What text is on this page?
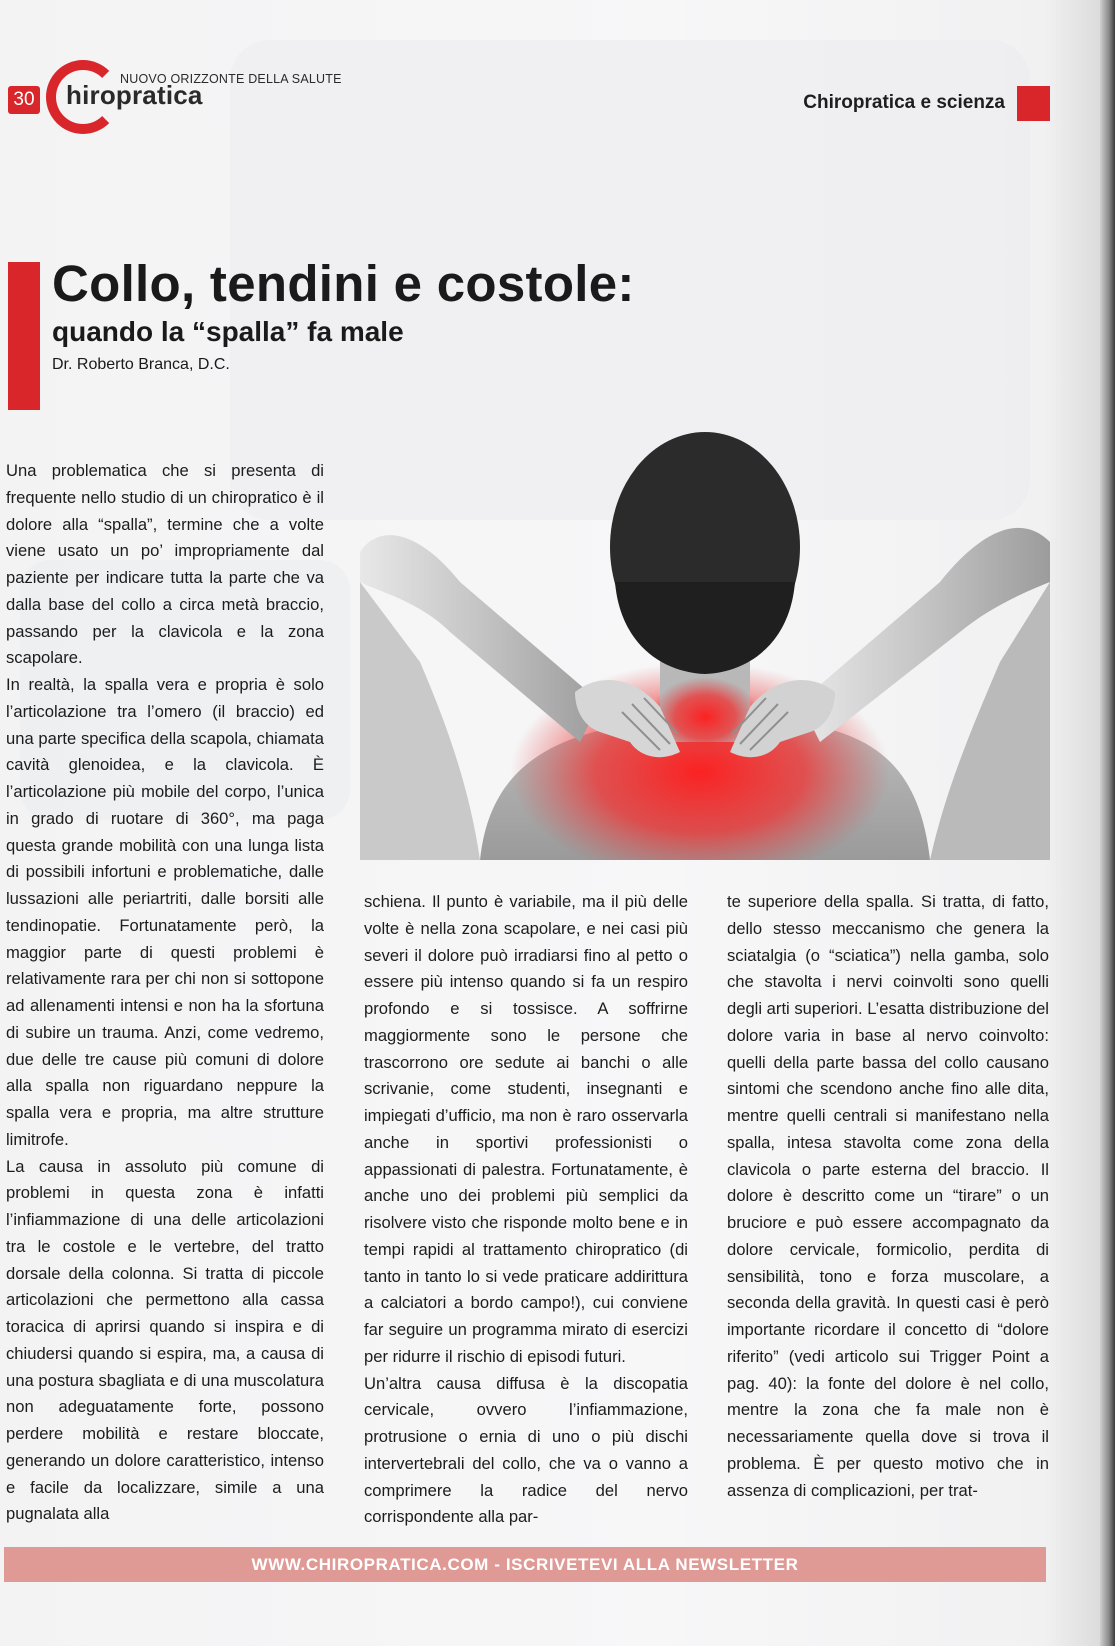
30
NUOVO ORIZZONTE DELLA SALUTE
hiropratica	Chiropratica e scienza
Collo, tendini e costole:
quando la “spalla” fa male
Dr. Roberto Branca, D.C.

Una problematica che si presenta di frequente nello studio di un chiropratico è il dolore alla “spalla”, termine che a volte viene usato un po’ impropriamente dal paziente per indicare tutta la parte che va dalla base del collo a circa metà braccio, passando per la clavicola e la zona scapolare.

In realtà, la spalla vera e propria è solo l’articolazione tra l’omero (il braccio) ed una parte specifica della scapola, chiamata cavità glenoidea, e la clavicola. È l’articolazione più mobile del corpo, l’unica in grado di ruotare di 360°, ma paga questa grande mobilità con una lunga lista di possibili infortuni e problematiche, dalle lussazioni alle periartriti, dalle borsiti alle tendinopatie. Fortunatamente però, la maggior parte di questi problemi è relativamente rara per chi non si sottopone ad allenamenti intensi e non ha la sfortuna di subire un trauma. Anzi, come vedremo, due delle tre cause più comuni di dolore alla spalla non riguardano neppure la spalla vera e propria, ma altre strutture limitrofe.

La causa in assoluto più comune di problemi in questa zona è infatti l’infiammazione di una delle articolazioni tra le costole e le vertebre, del tratto dorsale della colonna. Si tratta di piccole articolazioni che permettono alla cassa toracica di aprirsi quando si inspira e di chiudersi quando si espira, ma, a causa di una postura sbagliata e di una muscolatura non adeguatamente forte, possono perdere mobilità e restare bloccate, generando un dolore caratteristico, intenso e facile da localizzare, simile a una pugnalata alla

schiena. Il punto è variabile, ma il più delle volte è nella zona scapolare, e nei casi più severi il dolore può irradiarsi fino al petto o essere più intenso quando si fa un respiro profondo e si tossisce. A soffrirne maggiormente sono le persone che trascorrono ore sedute ai banchi o alle scrivanie, come studenti, insegnanti e impiegati d’ufficio, ma non è raro osservarla anche in sportivi professionisti o appassionati di palestra. Fortunatamente, è anche uno dei problemi più semplici da risolvere visto che risponde molto bene e in tempi rapidi al trattamento chiropratico (di tanto in tanto lo si vede praticare addirittura a calciatori a bordo campo!), cui conviene far seguire un programma mirato di esercizi per ridurre il rischio di episodi futuri.

Un’altra causa diffusa è la discopatia cervicale, ovvero l’infiammazione, protrusione o ernia di uno o più dischi intervertebrali del collo, che va o vanno a comprimere la radice del nervo corrispondente alla par-

te superiore della spalla. Si tratta, di fatto, dello stesso meccanismo che genera la sciatalgia (o “sciatica”) nella gamba, solo che stavolta i nervi coinvolti sono quelli degli arti superiori. L’esatta distribuzione del dolore varia in base al nervo coinvolto: quelli della parte bassa del collo causano sintomi che scendono anche fino alle dita, mentre quelli centrali si manifestano nella spalla, intesa stavolta come zona della clavicola o parte esterna del braccio. Il dolore è descritto come un “tirare” o un bruciore e può essere accompagnato da dolore cervicale, formicolio, perdita di sensibilità, tono e forza muscolare, a seconda della gravità. In questi casi è però importante ricordare il concetto di “dolore riferito” (vedi articolo sui Trigger Point a pag. 40): la fonte del dolore è nel collo, mentre la zona che fa male non è necessariamente quella dove si trova il problema. È per questo motivo che in assenza di complicazioni, per trat-

WWW.CHIROPRATICA.COM - ISCRIVETEVI ALLA NEWSLETTER
